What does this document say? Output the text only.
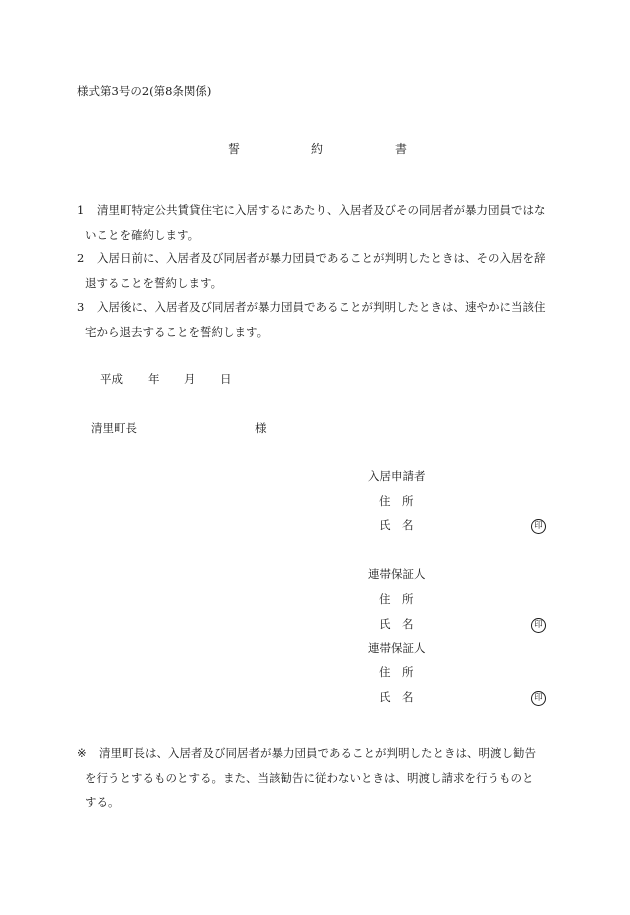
様式第3号の2(第8条関係)
誓	約	書
1	清里町特定公共賃貸住宅に入居するにあたり、入居者及びその同居者が暴力団員ではな
いことを確約します。
2	入居日前に、入居者及び同居者が暴力団員であることが判明したときは、その入居を辞
退することを誓約します。
3	入居後に、入居者及び同居者が暴力団員であることが判明したときは、速やかに当該住
宅から退去することを誓約します。
平成 年 月 日
清里町長	様
入居申請者
住　所
氏　名	印
連帯保証人
住　所
氏　名	印
連帯保証人
住　所
氏　名	印
※	清里町長は、入居者及び同居者が暴力団員であることが判明したときは、明渡し勧告
を行うとするものとする。また、当該勧告に従わないときは、明渡し請求を行うものと
する。
